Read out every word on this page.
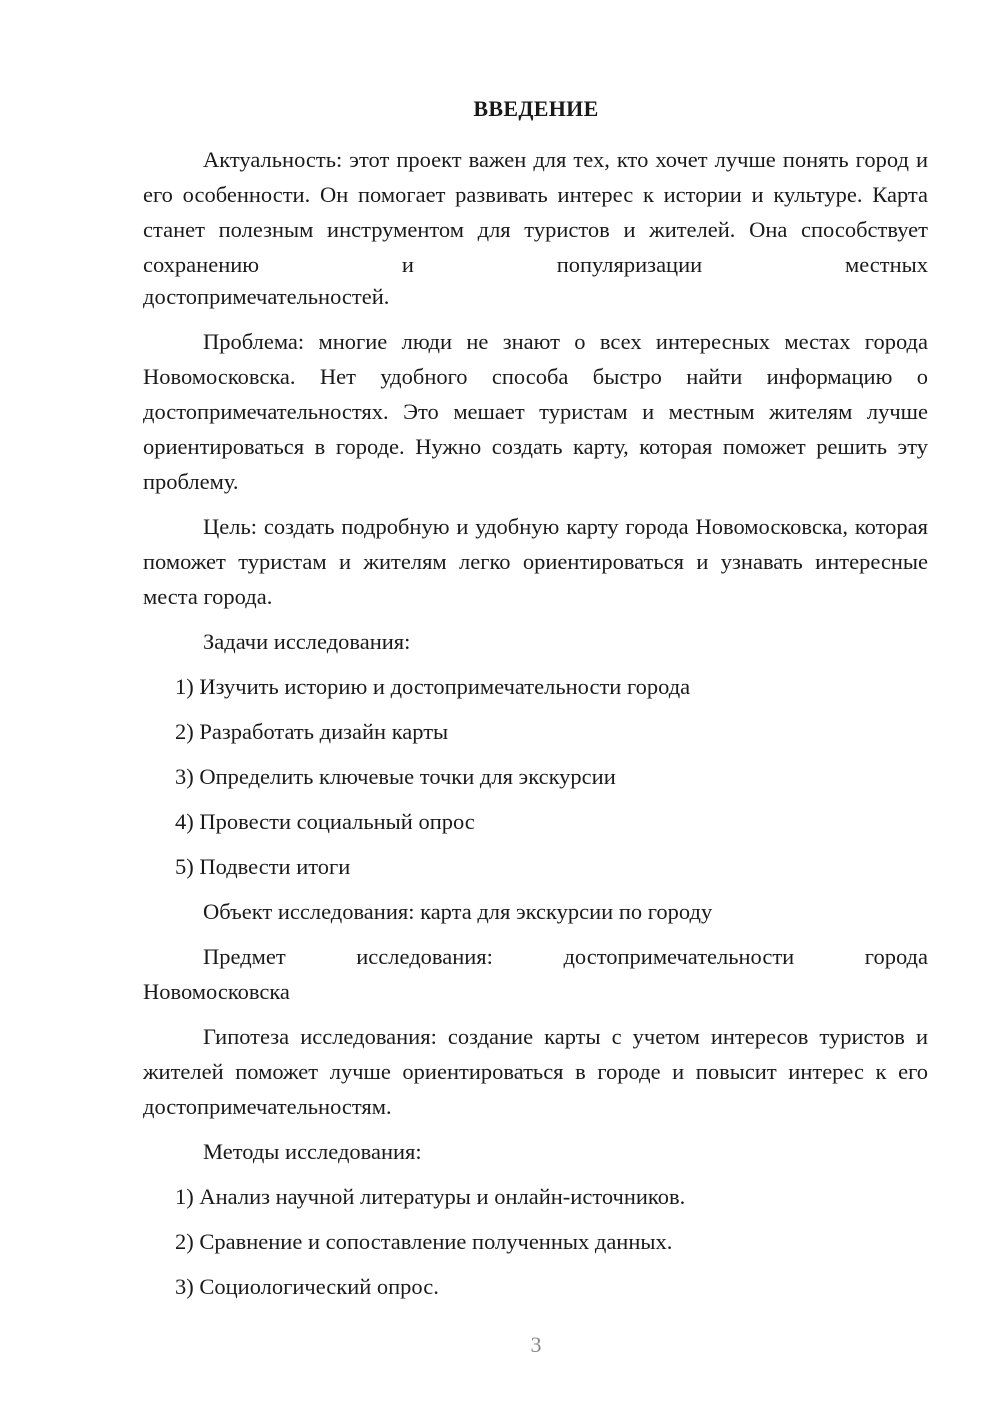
ВВЕДЕНИЕ

Актуальность: этот проект важен для тех, кто хочет лучше понять город и его особенности. Он помогает развивать интерес к истории и культуре. Карта станет полезным инструментом для туристов и жителей. Она способствует сохранению и популяризации местных

достопримечательностей.

Проблема: многие люди не знают о всех интересных местах города Новомосковска. Нет удобного способа быстро найти информацию о достопримечательностях. Это мешает туристам и местным жителям лучше ориентироваться в городе. Нужно создать карту, которая поможет решить эту проблему.

Цель: создать подробную и удобную карту города Новомосковска, которая поможет туристам и жителям легко ориентироваться и узнавать интересные места города.

Задачи исследования:

1) Изучить историю и достопримечательности города

2) Разработать дизайн карты

3) Определить ключевые точки для экскурсии

4) Провести социальный опрос

5) Подвести итоги

Объект исследования: карта для экскурсии по городу

Предмет исследования: достопримечательности города

Новомосковска

Гипотеза исследования: создание карты с учетом интересов туристов и жителей поможет лучше ориентироваться в городе и повысит интерес к его достопримечательностям.

Методы исследования:

1) Анализ научной литературы и онлайн-источников.

2) Сравнение и сопоставление полученных данных.

3) Социологический опрос.

3
